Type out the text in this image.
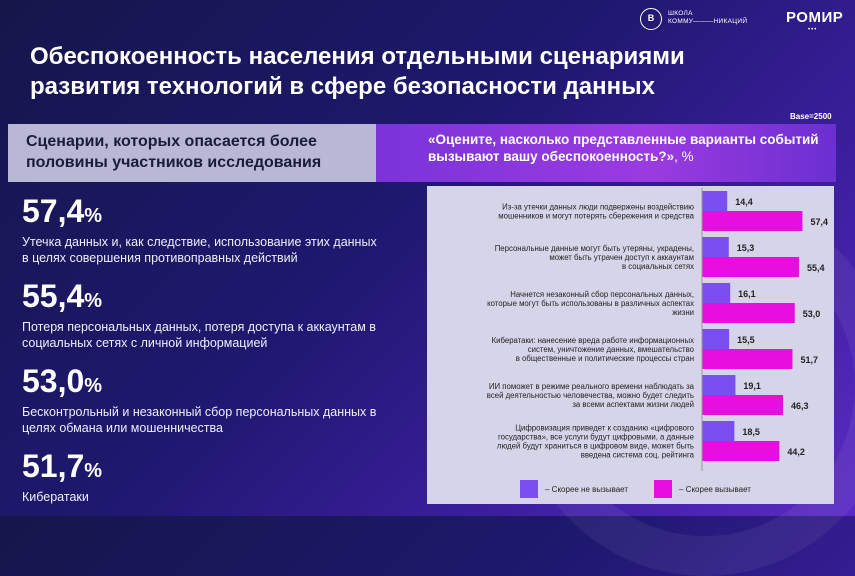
В	ШКОЛА
КОММУ———НИКАЦИЙ	РОМИР
•••
Обеспокоенность населения отдельными сценариями развития технологий в сфере безопасности данных
Base=2500
Сценарии, которых опасается более половины участников исследования
«Оцените, насколько представленные варианты событий вызывают вашу обеспокоенность?», %
57,4%
Утечка данных и, как следствие, использование этих данных в целях совершения противоправных действий
55,4%
Потеря персональных данных, потеря доступа к аккаунтам в социальных сетях с личной информацией
53,0%
Бесконтрольный и незаконный сбор персональных данных в целях обмана или мошенничества
51,7%
Кибератаки
Из-за утечки данных люди подвержены воздействию
мошенников и могут потерять сбережения и средства
14,4
57,4
Персональные данные могут быть утеряны, украдены,
может быть утрачен доступ к аккаунтам
в социальных сетях
15,3
55,4
Начнется незаконный сбор персональных данных,
которые могут быть использованы в различных аспектах
жизни
16,1
53,0
Кибератаки: нанесение вреда работе информационных
систем, уничтожение данных, вмешательство
в общественные и политические процессы стран
15,5
51,7
ИИ поможет в режиме реального времени наблюдать за
всей деятельностью человечества, можно будет следить
за всеми аспектами жизни людей
19,1
46,3
Цифровизация приведет к созданию «цифрового
государства», все услуги будут цифровыми, а данные
людей будут храниться в цифровом виде, может быть
введена система соц. рейтинга
18,5
44,2
– Скорее не вызывает	– Скорее вызывает
